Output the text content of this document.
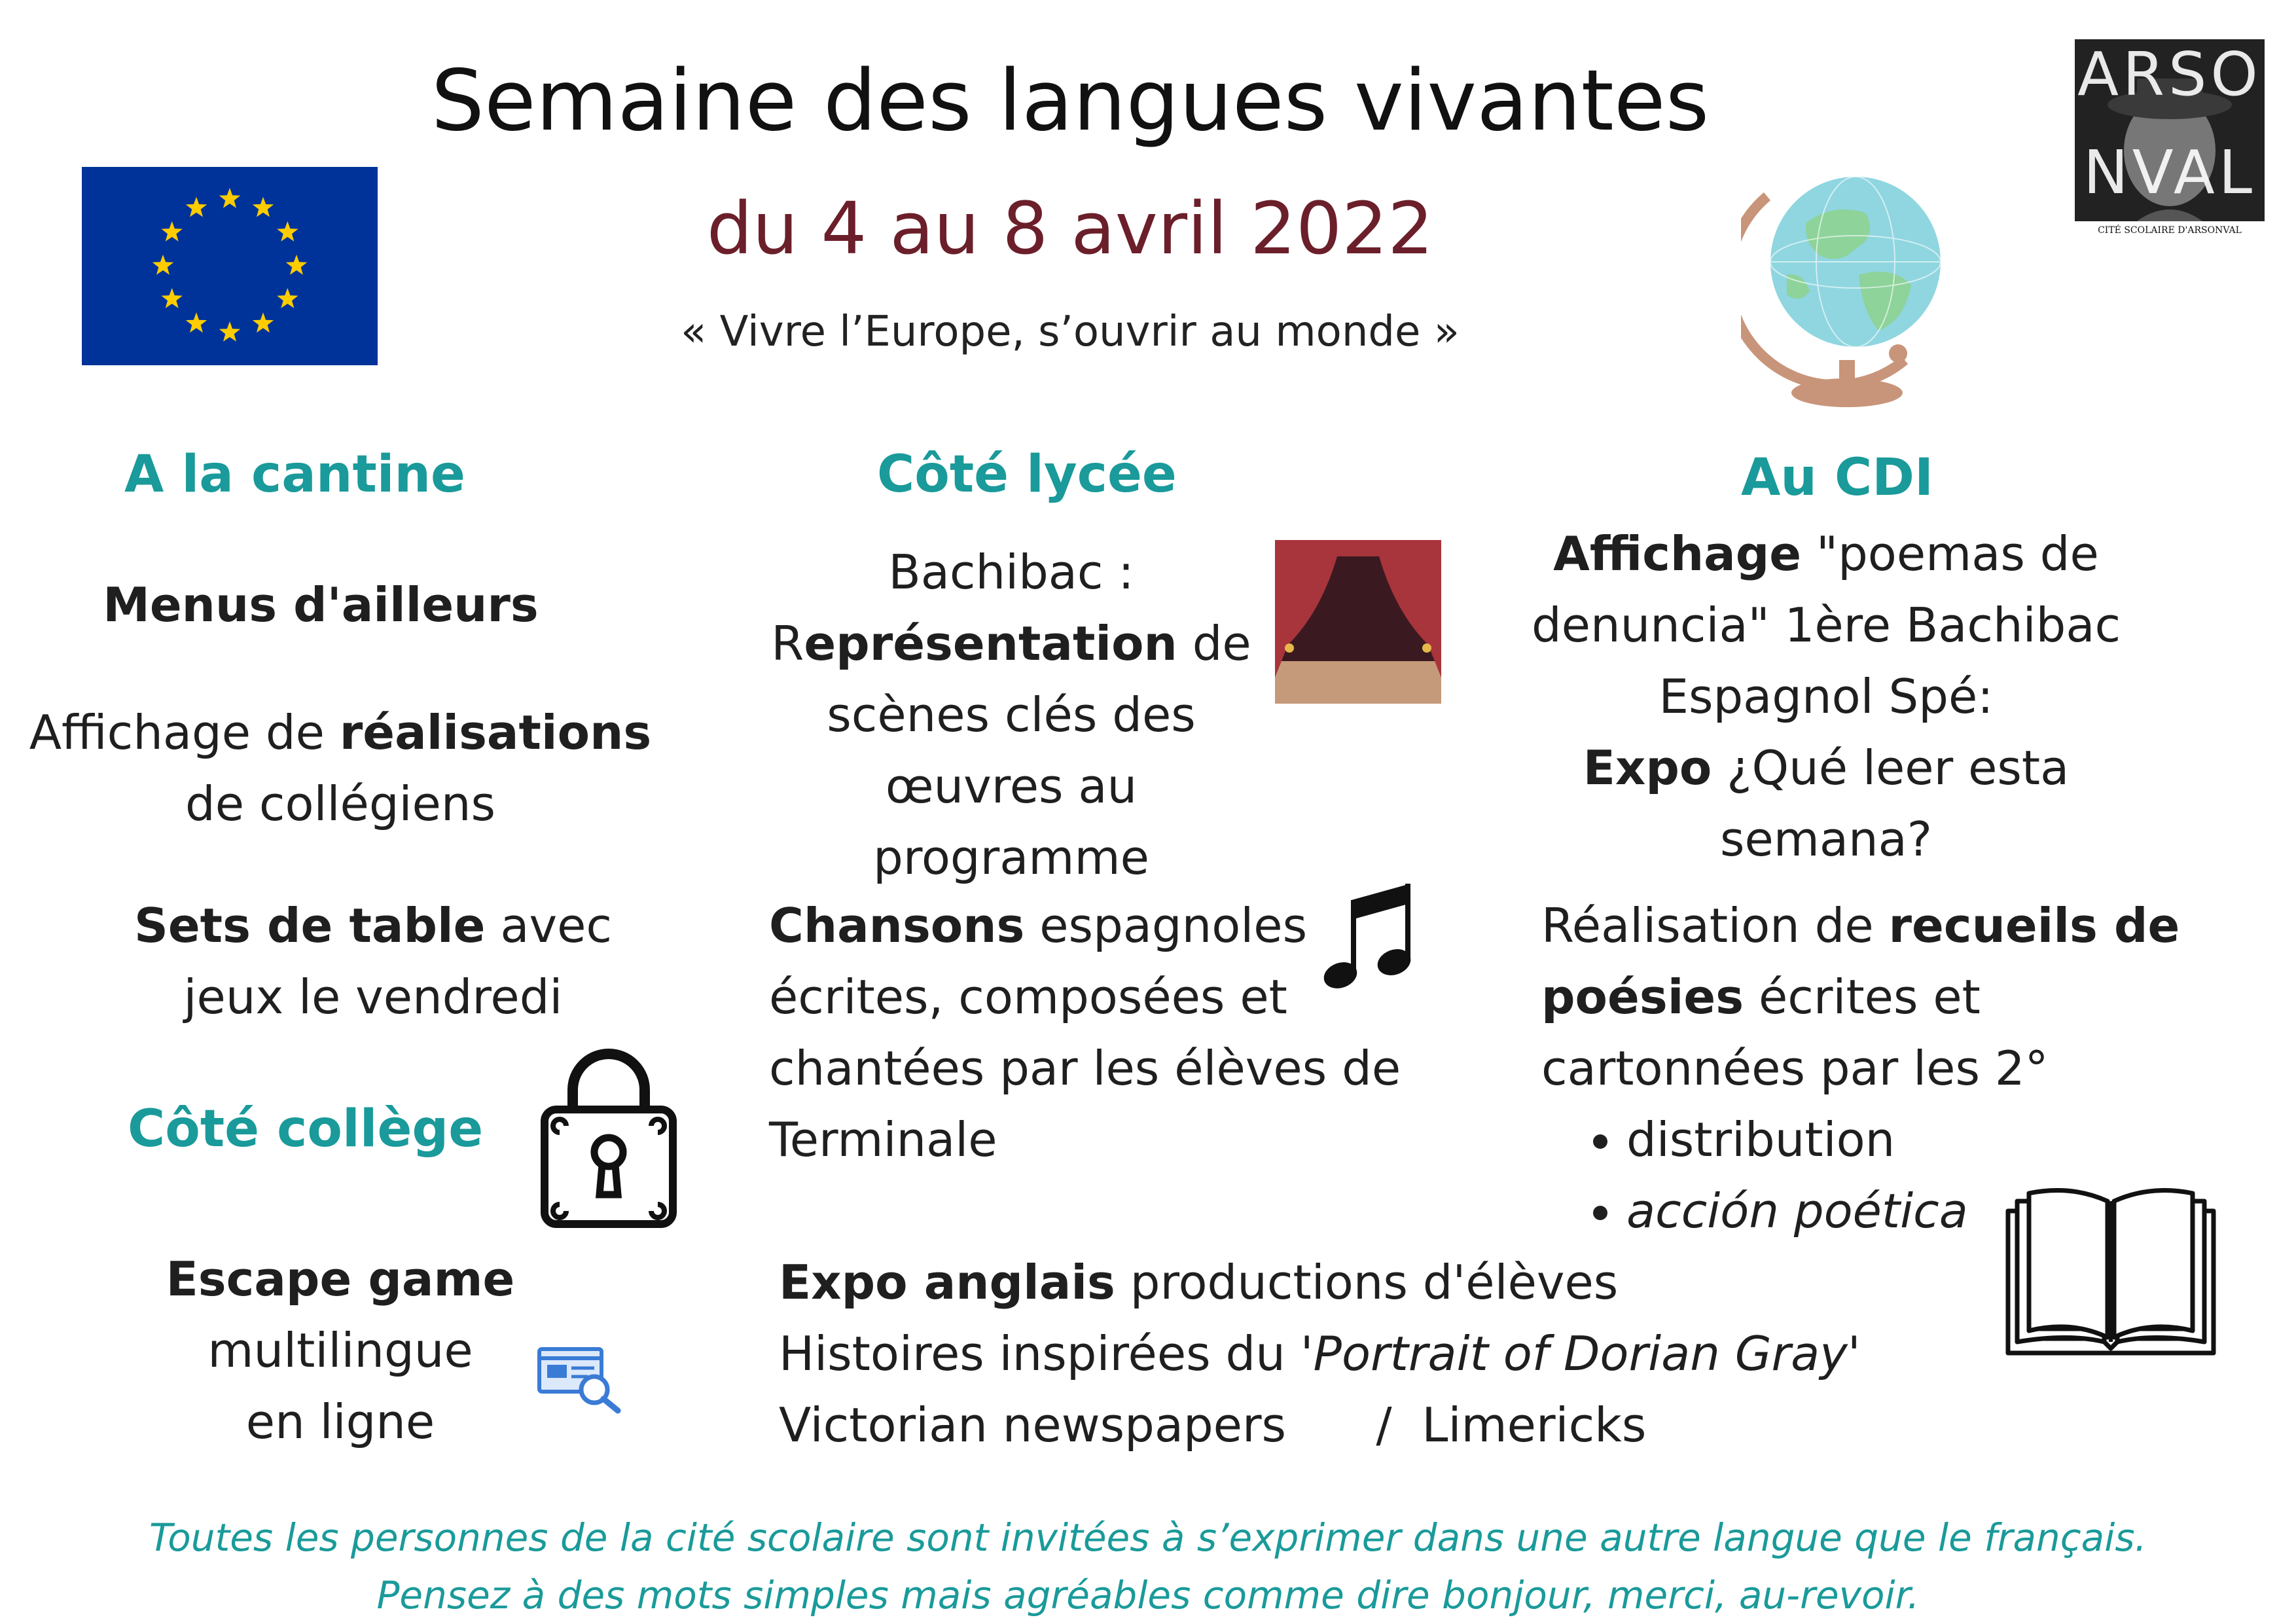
Semaine des langues vivantes
du 4 au 8 avril 2022
« Vivre l’Europe, s’ouvrir au monde »
ARSO
NVAL
CITÉ SCOLAIRE D'ARSONVAL
A la cantine
Menus d'ailleurs
Affichage de réalisations
de collégiens
Sets de table avec
jeux le vendredi
Côté collège
Escape game multilingue
en ligne
Côté lycée
Bachibac :
Représentation de
scènes clés des
œuvres au
programme
Chansons espagnoles
écrites, composées et
chantées par les élèves de
Terminale
Expo anglais productions d'élèves
Histoires inspirées du 'Portrait of Dorian Gray'
Victorian newspapers      /  Limericks
Au CDI
Affichage "poemas de
denuncia" 1ère Bachibac
Espagnol Spé:
Expo ¿Qué leer esta
semana?
Réalisation de recueils de
poésies écrites et
cartonnées par les 2°
• distribution
• acción poética
Toutes les personnes de la cité scolaire sont invitées à s’exprimer dans une autre langue que le français.
Pensez à des mots simples mais agréables comme dire bonjour, merci, au-revoir.
